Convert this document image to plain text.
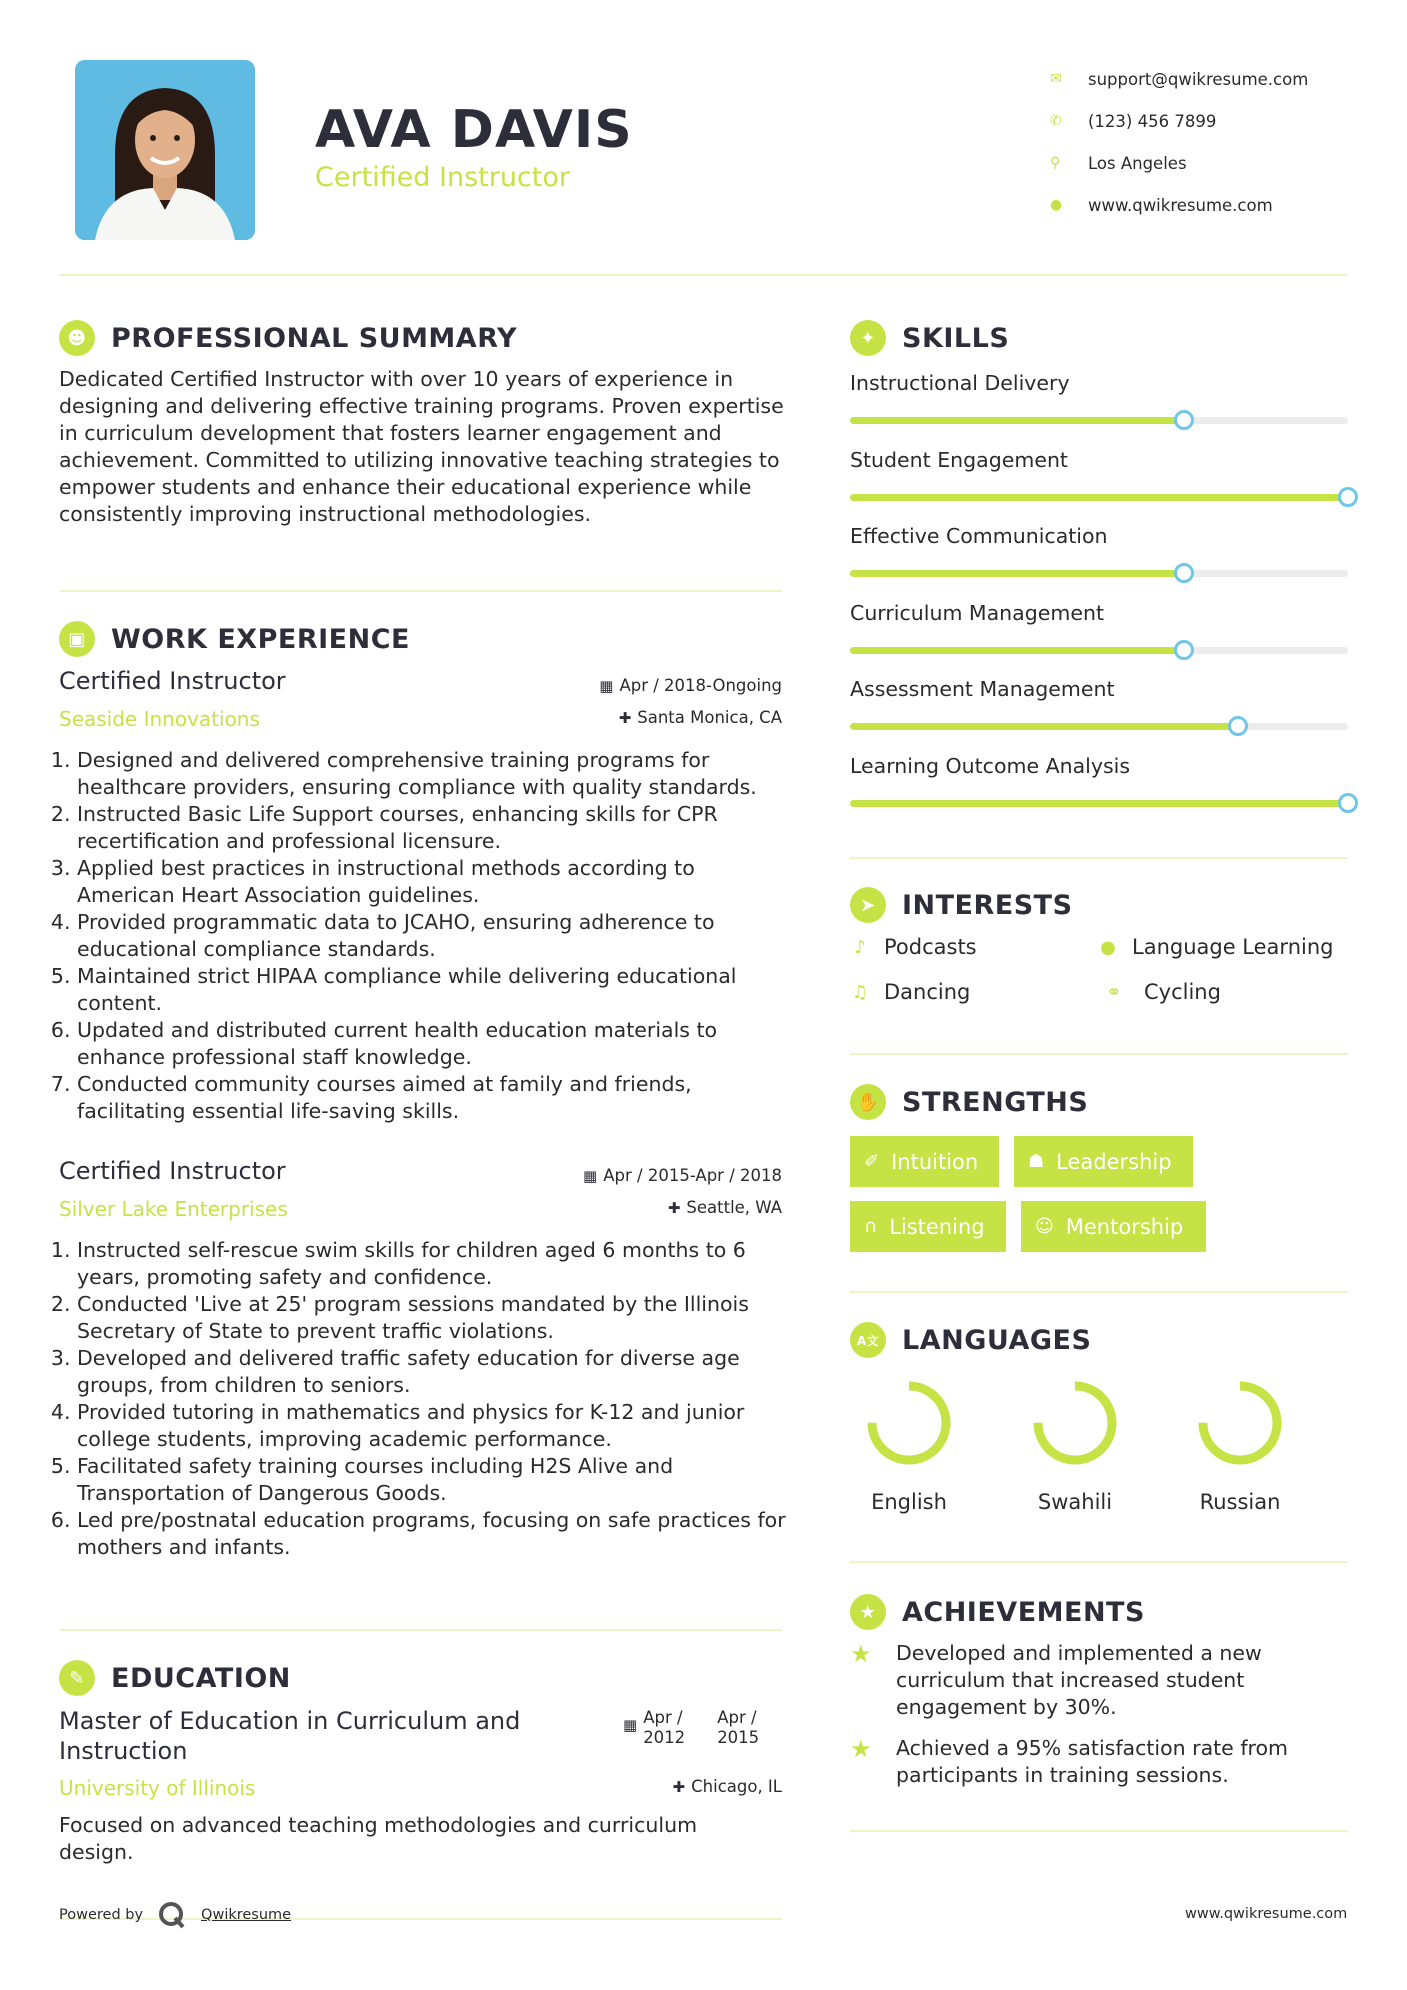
AVA DAVIS
Certified Instructor
✉	support@qwikresume.com
✆	(123) 456 7899
⚲	Los Angeles
●	www.qwikresume.com
☻ PROFESSIONAL SUMMARY
Dedicated Certified Instructor with over 10 years of experience in designing and delivering effective training programs. Proven expertise in curriculum development that fosters learner engagement and achievement. Committed to utilizing innovative teaching strategies to empower students and enhance their educational experience while consistently improving instructional methodologies.
▣ WORK EXPERIENCE
Certified Instructor
Seaside Innovations
▦ Apr / 2018-Ongoing
✚ Santa Monica, CA
1. Designed and delivered comprehensive training programs for healthcare providers, ensuring compliance with quality standards.
2. Instructed Basic Life Support courses, enhancing skills for CPR recertification and professional licensure.
3. Applied best practices in instructional methods according to American Heart Association guidelines.
4. Provided programmatic data to JCAHO, ensuring adherence to educational compliance standards.
5. Maintained strict HIPAA compliance while delivering educational content.
6. Updated and distributed current health education materials to enhance professional staff knowledge.
7. Conducted community courses aimed at family and friends, facilitating essential life-saving skills.
Certified Instructor
Silver Lake Enterprises
▦ Apr / 2015-Apr / 2018
✚ Seattle, WA
1. Instructed self-rescue swim skills for children aged 6 months to 6 years, promoting safety and confidence.
2. Conducted 'Live at 25' program sessions mandated by the Illinois Secretary of State to prevent traffic violations.
3. Developed and delivered traffic safety education for diverse age groups, from children to seniors.
4. Provided tutoring in mathematics and physics for K-12 and junior college students, improving academic performance.
5. Facilitated safety training courses including H2S Alive and Transportation of Dangerous Goods.
6. Led pre/postnatal education programs, focusing on safe practices for mothers and infants.
✎ EDUCATION
Master of Education in Curriculum and Instruction
▦ Apr / 2012
Apr / 2015
University of Illinois	✚ Chicago, IL
Focused on advanced teaching methodologies and curriculum design.
✦ SKILLS
Instructional Delivery
Student Engagement
Effective Communication
Curriculum Management
Assessment Management
Learning Outcome Analysis
➤ INTERESTS
♪ Podcasts	● Language Learning
♫ Dancing	⚭	Cycling
✋ STRENGTHS
✐ Intuition	☗ Leadership
∩ Listening	☺ Mentorship
A文 LANGUAGES
English	Swahili	Russian
★ ACHIEVEMENTS
★ Developed and implemented a new curriculum that increased student engagement by 30%.
★ Achieved a 95% satisfaction rate from participants in training sessions.
Powered by	Qwikresume	www.qwikresume.com
